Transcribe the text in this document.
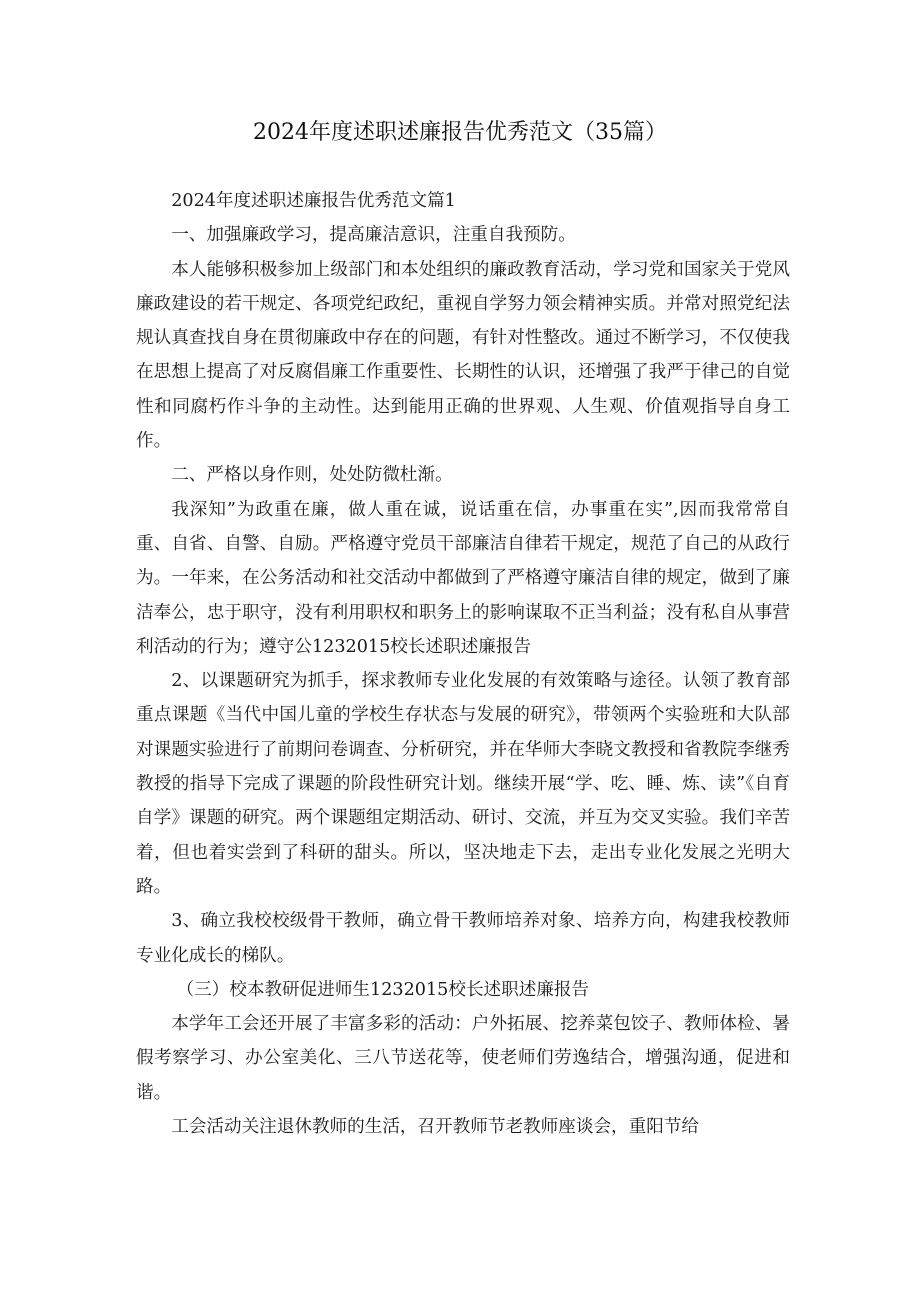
2024年度述职述廉报告优秀范文（35篇）

2024年度述职述廉报告优秀范文篇1

一、加强廉政学习，提高廉洁意识，注重自我预防。

本人能够积极参加上级部门和本处组织的廉政教育活动，学习党和国家关于党风廉政建设的若干规定、各项党纪政纪，重视自学努力领会精神实质。并常对照党纪法规认真查找自身在贯彻廉政中存在的问题，有针对性整改。通过不断学习，不仅使我在思想上提高了对反腐倡廉工作重要性、长期性的认识，还增强了我严于律己的自觉性和同腐朽作斗争的主动性。达到能用正确的世界观、人生观、价值观指导自身工作。

二、严格以身作则，处处防微杜渐。

我深知”为政重在廉，做人重在诚，说话重在信，办事重在实”,因而我常常自重、自省、自警、自励。严格遵守党员干部廉洁自律若干规定，规范了自己的从政行为。一年来，在公务活动和社交活动中都做到了严格遵守廉洁自律的规定，做到了廉洁奉公，忠于职守，没有利用职权和职务上的影响谋取不正当利益；没有私自从事营利活动的行为；遵守公1232015校长述职述廉报告

2、以课题研究为抓手，探求教师专业化发展的有效策略与途径。认领了教育部重点课题《当代中国儿童的学校生存状态与发展的研究》，带领两个实验班和大队部对课题实验进行了前期问卷调查、分析研究，并在华师大李晓文教授和省教院李继秀教授的指导下完成了课题的阶段性研究计划。继续开展“学、吃、睡、炼、读”《自育自学》课题的研究。两个课题组定期活动、研讨、交流，并互为交叉实验。我们辛苦着，但也着实尝到了科研的甜头。所以，坚决地走下去，走出专业化发展之光明大路。

3、确立我校校级骨干教师，确立骨干教师培养对象、培养方向，构建我校教师专业化成长的梯队。

（三）校本教研促进师生1232015校长述职述廉报告

本学年工会还开展了丰富多彩的活动：户外拓展、挖养菜包饺子、教师体检、暑假考察学习、办公室美化、三八节送花等，使老师们劳逸结合，增强沟通，促进和谐。

工会活动关注退休教师的生活，召开教师节老教师座谈会，重阳节给
